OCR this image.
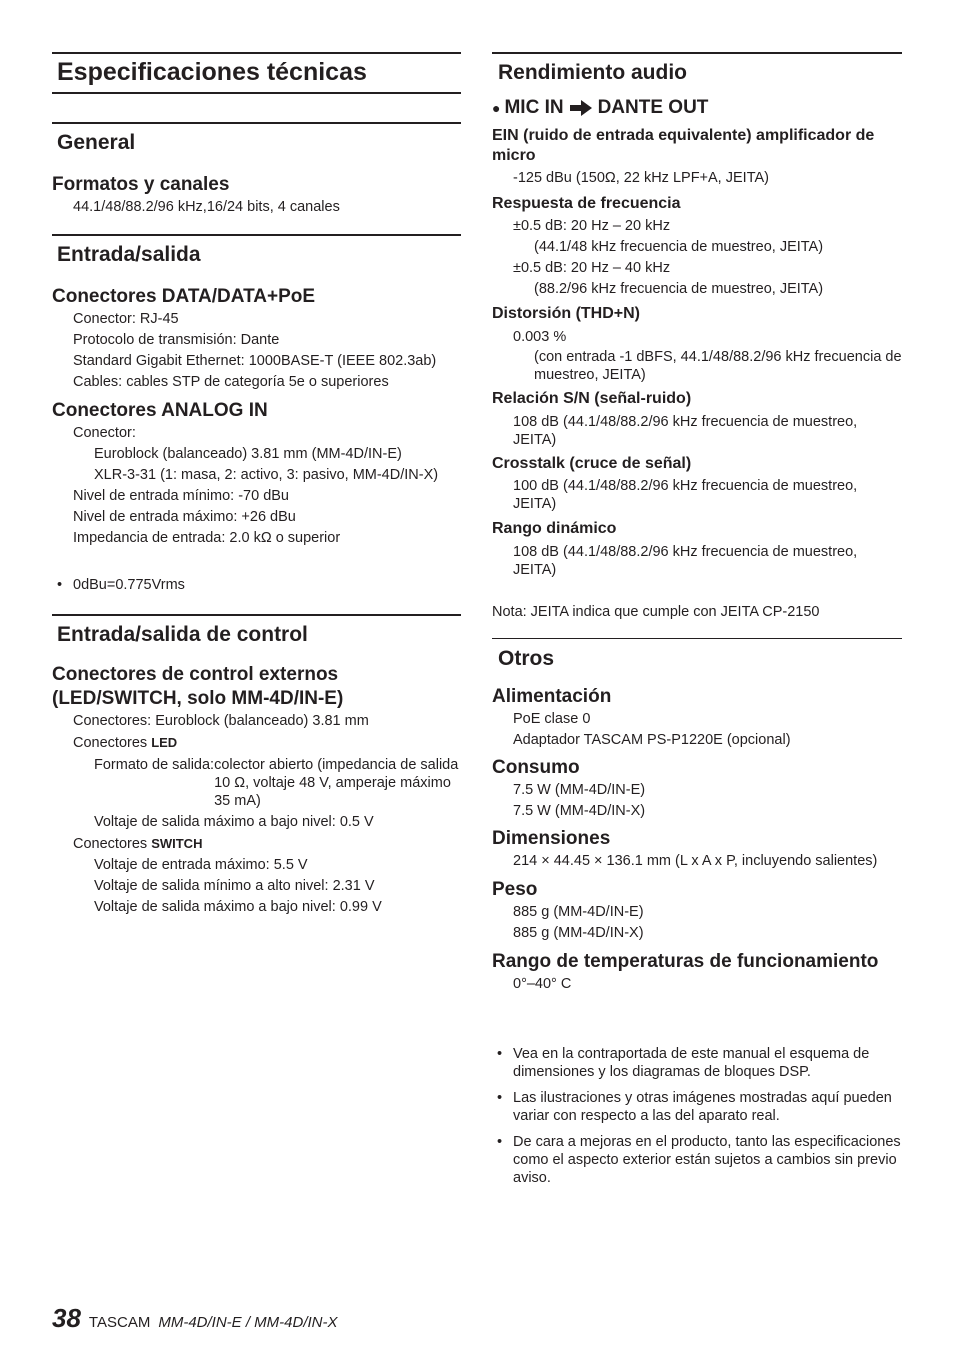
Especificaciones técnicas
General
Formatos y canales
44.1/48/88.2/96 kHz,16/24 bits, 4 canales
Entrada/salida
Conectores DATA/DATA+PoE
Conector: RJ-45
Protocolo de transmisión: Dante
Standard Gigabit Ethernet: 1000BASE-T (IEEE 802.3ab)
Cables: cables STP de categoría 5e o superiores
Conectores ANALOG IN
Conector:
Euroblock (balanceado) 3.81 mm (MM-4D/IN-E)
XLR-3-31 (1: masa, 2: activo, 3: pasivo, MM-4D/IN-X)
Nivel de entrada mínimo: -70 dBu
Nivel de entrada máximo: +26 dBu
Impedancia de entrada: 2.0 kΩ o superior
• 0dBu=0.775Vrms
Entrada/salida de control
Conectores de control externos
(LED/SWITCH, solo MM-4D/IN-E)
Conectores: Euroblock (balanceado) 3.81 mm
Conectores LED
Formato de salida: colector abierto (impedancia de salida 10 Ω, voltaje 48 V, amperaje máximo 35 mA)
Voltaje de salida máximo a bajo nivel: 0.5 V
Conectores SWITCH
Voltaje de entrada máximo: 5.5 V
Voltaje de salida mínimo a alto nivel: 2.31 V
Voltaje de salida máximo a bajo nivel: 0.99 V
Rendimiento audio
● MIC IN DANTE OUT
EIN (ruido de entrada equivalente) amplificador de micro
-125 dBu (150Ω, 22 kHz LPF+A, JEITA)
Respuesta de frecuencia
±0.5 dB: 20 Hz – 20 kHz
(44.1/48 kHz frecuencia de muestreo, JEITA)
±0.5 dB: 20 Hz – 40 kHz
(88.2/96 kHz frecuencia de muestreo, JEITA)
Distorsión (THD+N)
0.003 %
(con entrada -1 dBFS, 44.1/48/88.2/96 kHz frecuencia de muestreo, JEITA)
Relación S/N (señal-ruido)
108 dB (44.1/48/88.2/96 kHz frecuencia de muestreo, JEITA)
Crosstalk (cruce de señal)
100 dB (44.1/48/88.2/96 kHz frecuencia de muestreo, JEITA)
Rango dinámico
108 dB (44.1/48/88.2/96 kHz frecuencia de muestreo, JEITA)
Nota: JEITA indica que cumple con JEITA CP-2150
Otros
Alimentación
PoE clase 0
Adaptador TASCAM PS-P1220E (opcional)
Consumo
7.5 W (MM-4D/IN-E)
7.5 W (MM-4D/IN-X)
Dimensiones
214 × 44.45 × 136.1 mm (L x A x P, incluyendo salientes)
Peso
885 g (MM-4D/IN-E)
885 g (MM-4D/IN-X)
Rango de temperaturas de funcionamiento
0°–40° C
• Vea en la contraportada de este manual el esquema de dimensiones y los diagramas de bloques DSP.
• Las ilustraciones y otras imágenes mostradas aquí pueden variar con respecto a las del aparato real.
• De cara a mejoras en el producto, tanto las especificaciones como el aspecto exterior están sujetos a cambios sin previo aviso.
38 TASCAM MM-4D/IN-E / MM-4D/IN-X
